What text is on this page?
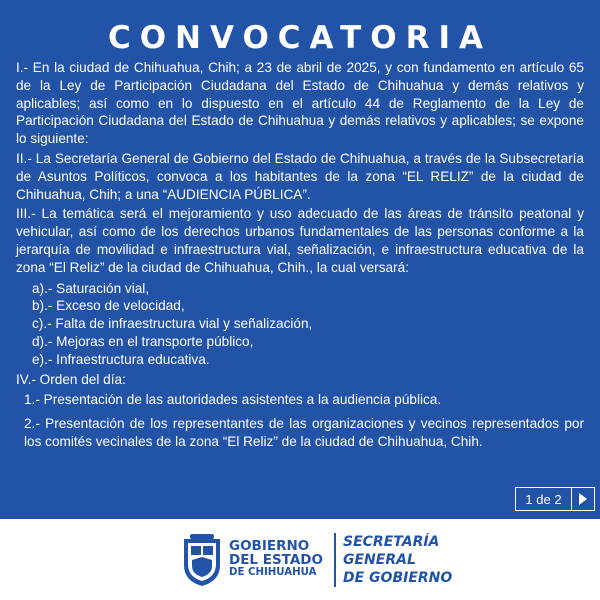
CONVOCATORIA

I.- En la ciudad de Chihuahua, Chih; a 23 de abril de 2025, y con fundamento en artículo 65 de la Ley de Participación Ciudadana del Estado de Chihuahua y demás relativos y aplicables; así como en lo dispuesto en el artículo 44 de Reglamento de la Ley de Participación Ciudadana del Estado de Chihuahua y demás relativos y aplicables; se expone lo siguiente:

II.- La Secretaría General de Gobierno del Estado de Chihuahua, a través de la Subsecretaría de Asuntos Políticos, convoca a los habitantes de la zona “EL RELIZ” de la ciudad de Chihuahua, Chih; a una “AUDIENCIA PÚBLICA”.

III.- La temática será el mejoramiento y uso adecuado de las áreas de tránsito peatonal y vehicular, así como de los derechos urbanos fundamentales de las personas conforme a la jerarquía de movilidad e infraestructura vial, señalización, e infraestructura educativa de la zona “El Reliz” de la ciudad de Chihuahua, Chih., la cual versará:

a).- Saturación vial,
b).- Exceso de velocidad,
c).- Falta de infraestructura vial y señalización,
d).- Mejoras en el transporte público,
e).- Infraestructura educativa.

IV.- Orden del día:

1.- Presentación de las autoridades asistentes a la audiencia pública.
2.- Presentación de los representantes de las organizaciones y vecinos representados por los comités vecinales de la zona “El Reliz” de la ciudad de Chihuahua, Chih.
1 de 2
GOBIERNO
DEL ESTADO
DE CHIHUAHUA
SECRETARÍA
GENERAL
DE GOBIERNO
